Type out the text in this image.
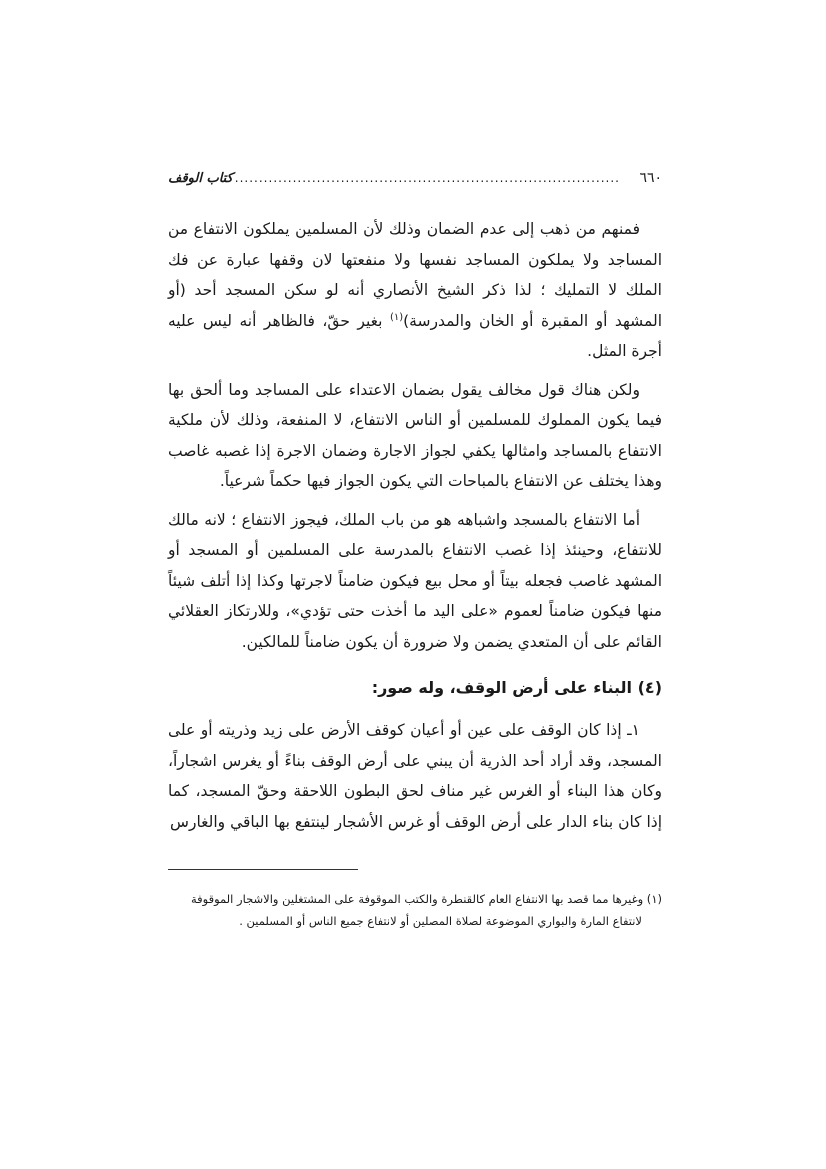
٦٦٠
................................................................................
كتاب الوقف

فمنهم من ذهب إلى عدم الضمان وذلك لأن المسلمين يملكون الانتفاع من المساجد ولا يملكون المساجد نفسها ولا منفعتها لان وقفها عبارة عن فك الملك لا التمليك ؛ لذا ذكر الشيخ الأنصاري أنه لو سكن المسجد أحد (أو المشهد أو المقبرة أو الخان والمدرسة)$^{(١)}$ بغير حقّ، فالظاهر أنه ليس عليه أجرة المثل.

ولكن هناك قول مخالف يقول بضمان الاعتداء على المساجد وما ألحق بها فيما يكون المملوك للمسلمين أو الناس الانتفاع، لا المنفعة، وذلك لأن ملكية الانتفاع بالمساجد وامثالها يكفي لجواز الاجارة وضمان الاجرة إذا غصبه غاصب وهذا يختلف عن الانتفاع بالمباحات التي يكون الجواز فيها حكماً شرعياً.

أما الانتفاع بالمسجد واشباهه هو من باب الملك، فيجوز الانتفاع ؛ لانه مالك للانتفاع، وحينئذ إذا غصب الانتفاع بالمدرسة على المسلمين أو المسجد أو المشهد غاصب فجعله بيتاً أو محل بيع فيكون ضامناً لاجرتها وكذا إذا أتلف شيئاً منها فيكون ضامناً لعموم «على اليد ما أخذت حتى تؤدي»، وللارتكاز العقلائي القائم على أن المتعدي يضمن ولا ضرورة أن يكون ضامناً للمالكين.

(٤) البناء على أرض الوقف، وله صور:

١ـ إذا كان الوقف على عين أو أعيان كوقف الأرض على زيد وذريته أو على المسجد، وقد أراد أحد الذرية أن يبني على أرض الوقف بناءً أو يغرس اشجاراً، وكان هذا البناء أو الغرس غير مناف لحق البطون اللاحقة وحقّ المسجد، كما إذا كان بناء الدار على أرض الوقف أو غرس الأشجار لينتفع بها الباقي والغارس

(١) وغيرها مما قصد بها الانتفاع العام كالقنطرة والكتب الموقوفة على المشتغلين والاشجار الموقوفة
لانتفاع المارة والبواري الموضوعة لصلاة المصلين أو لانتفاع جميع الناس أو المسلمين .
